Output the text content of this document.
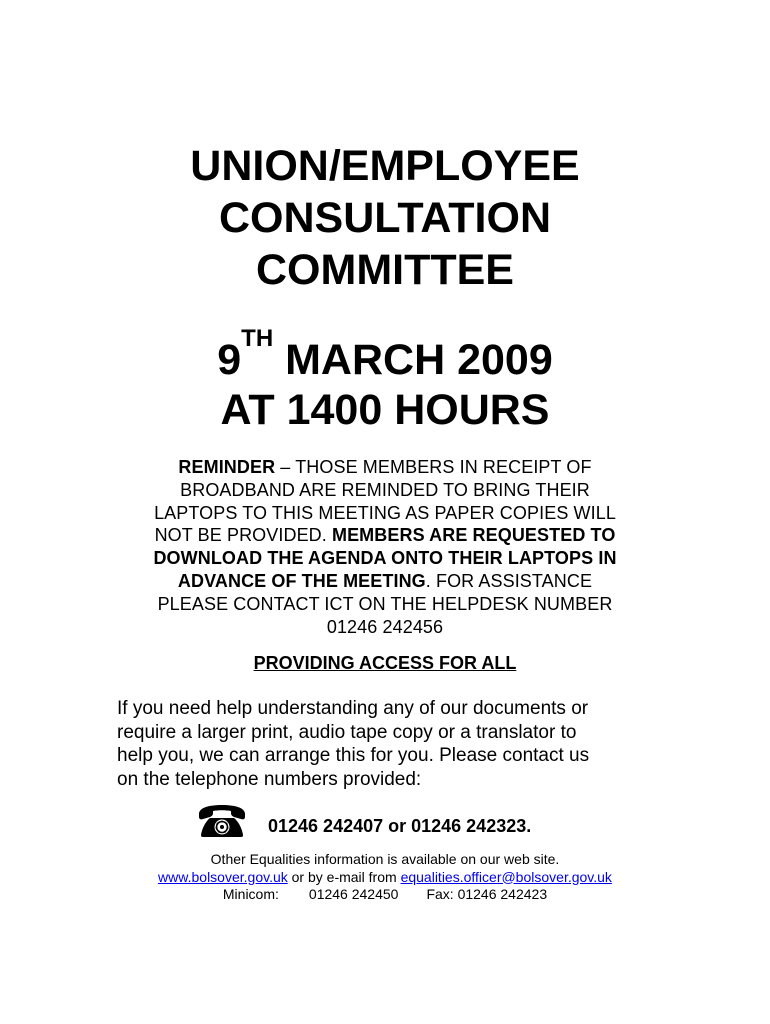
UNION/EMPLOYEE
CONSULTATION
COMMITTEE
9TH MARCH 2009
AT 1400 HOURS
REMINDER – THOSE MEMBERS IN RECEIPT OF
BROADBAND ARE REMINDED TO BRING THEIR
LAPTOPS TO THIS MEETING AS PAPER COPIES WILL
NOT BE PROVIDED. MEMBERS ARE REQUESTED TO
DOWNLOAD THE AGENDA ONTO THEIR LAPTOPS IN
ADVANCE OF THE MEETING. FOR ASSISTANCE
PLEASE CONTACT ICT ON THE HELPDESK NUMBER
01246 242456
PROVIDING ACCESS FOR ALL
If you need help understanding any of our documents or
require a larger print, audio tape copy or a translator to
help you, we can arrange this for you. Please contact us
on the telephone numbers provided:
01246 242407 or 01246 242323.
Other Equalities information is available on our web site.
www.bolsover.gov.uk or by e-mail from equalities.officer@bolsover.gov.uk
Minicom: 01246 242450 Fax: 01246 242423
